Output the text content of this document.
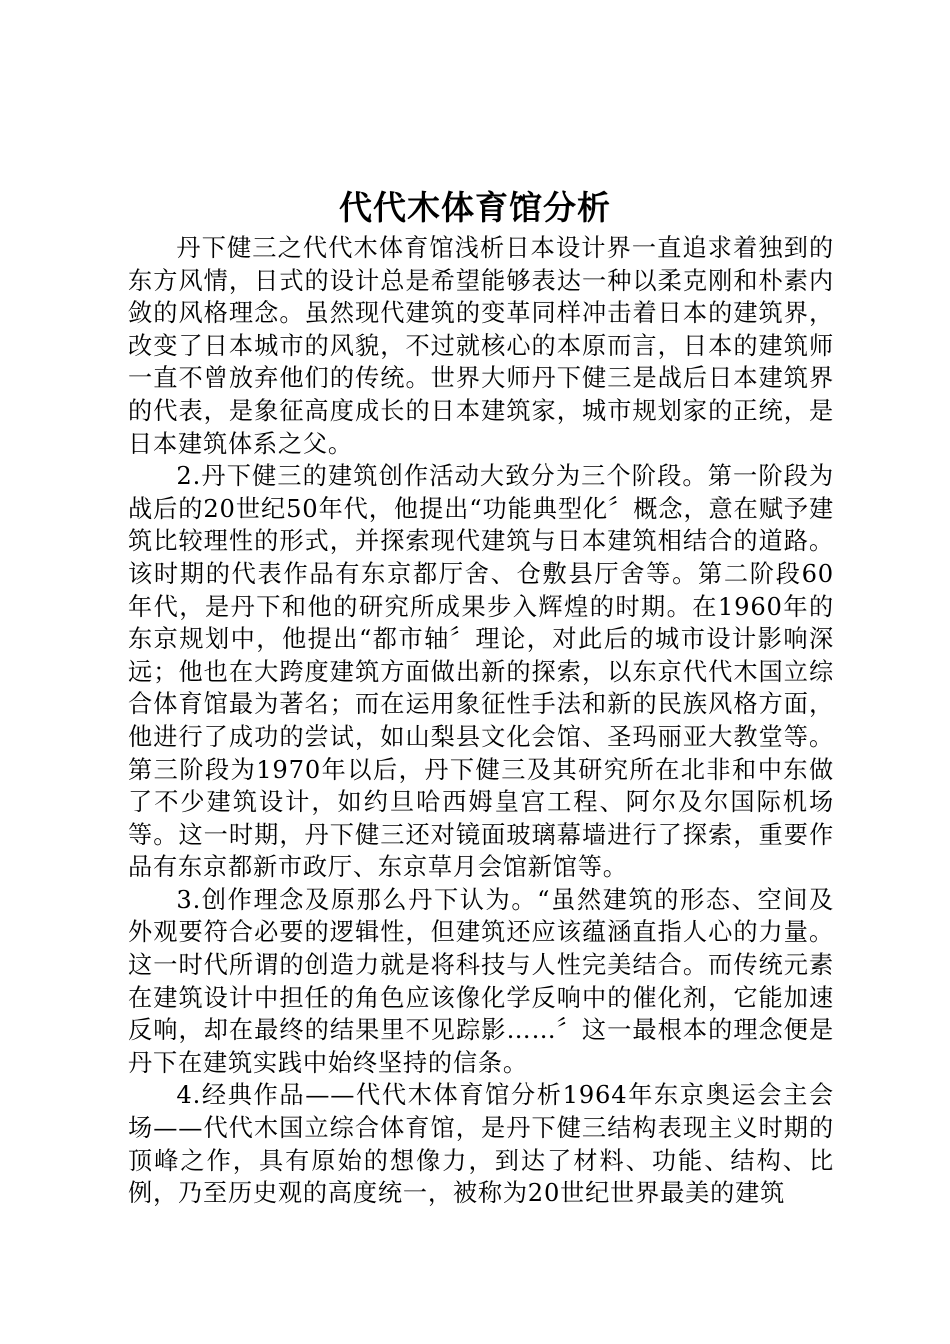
代代木体育馆分析

丹下健三之代代木体育馆浅析日本设计界一直追求着独到的东方风情，日式的设计总是希望能够表达一种以柔克刚和朴素内敛的风格理念。虽然现代建筑的变革同样冲击着日本的建筑界，改变了日本城市的风貌，不过就核心的本原而言，日本的建筑师一直不曾放弃他们的传统。世界大师丹下健三是战后日本建筑界的代表，是象征高度成长的日本建筑家，城市规划家的正统，是日本建筑体系之父。

2.丹下健三的建筑创作活动大致分为三个阶段。第一阶段为战后的20世纪50年代，他提出“功能典型化〞概念，意在赋予建筑比较理性的形式，并探索现代建筑与日本建筑相结合的道路。该时期的代表作品有东京都厅舍、仓敷县厅舍等。第二阶段60年代，是丹下和他的研究所成果步入辉煌的时期。在1960年的东京规划中，他提出“都市轴〞理论，对此后的城市设计影响深远；他也在大跨度建筑方面做出新的探索，以东京代代木国立综合体育馆最为著名；而在运用象征性手法和新的民族风格方面，他进行了成功的尝试，如山梨县文化会馆、圣玛丽亚大教堂等。第三阶段为1970年以后，丹下健三及其研究所在北非和中东做了不少建筑设计，如约旦哈西姆皇宫工程、阿尔及尔国际机场等。这一时期，丹下健三还对镜面玻璃幕墙进行了探索，重要作品有东京都新市政厅、东京草月会馆新馆等。

3.创作理念及原那么丹下认为。“虽然建筑的形态、空间及外观要符合必要的逻辑性，但建筑还应该蕴涵直指人心的力量。这一时代所谓的创造力就是将科技与人性完美结合。而传统元素在建筑设计中担任的角色应该像化学反响中的催化剂，它能加速反响，却在最终的结果里不见踪影……〞这一最根本的理念便是丹下在建筑实践中始终坚持的信条。

4.经典作品——代代木体育馆分析1964年东京奥运会主会场——代代木国立综合体育馆，是丹下健三结构表现主义时期的顶峰之作，具有原始的想像力，到达了材料、功能、结构、比例，乃至历史观的高度统一，被称为20世纪世界最美的建筑
